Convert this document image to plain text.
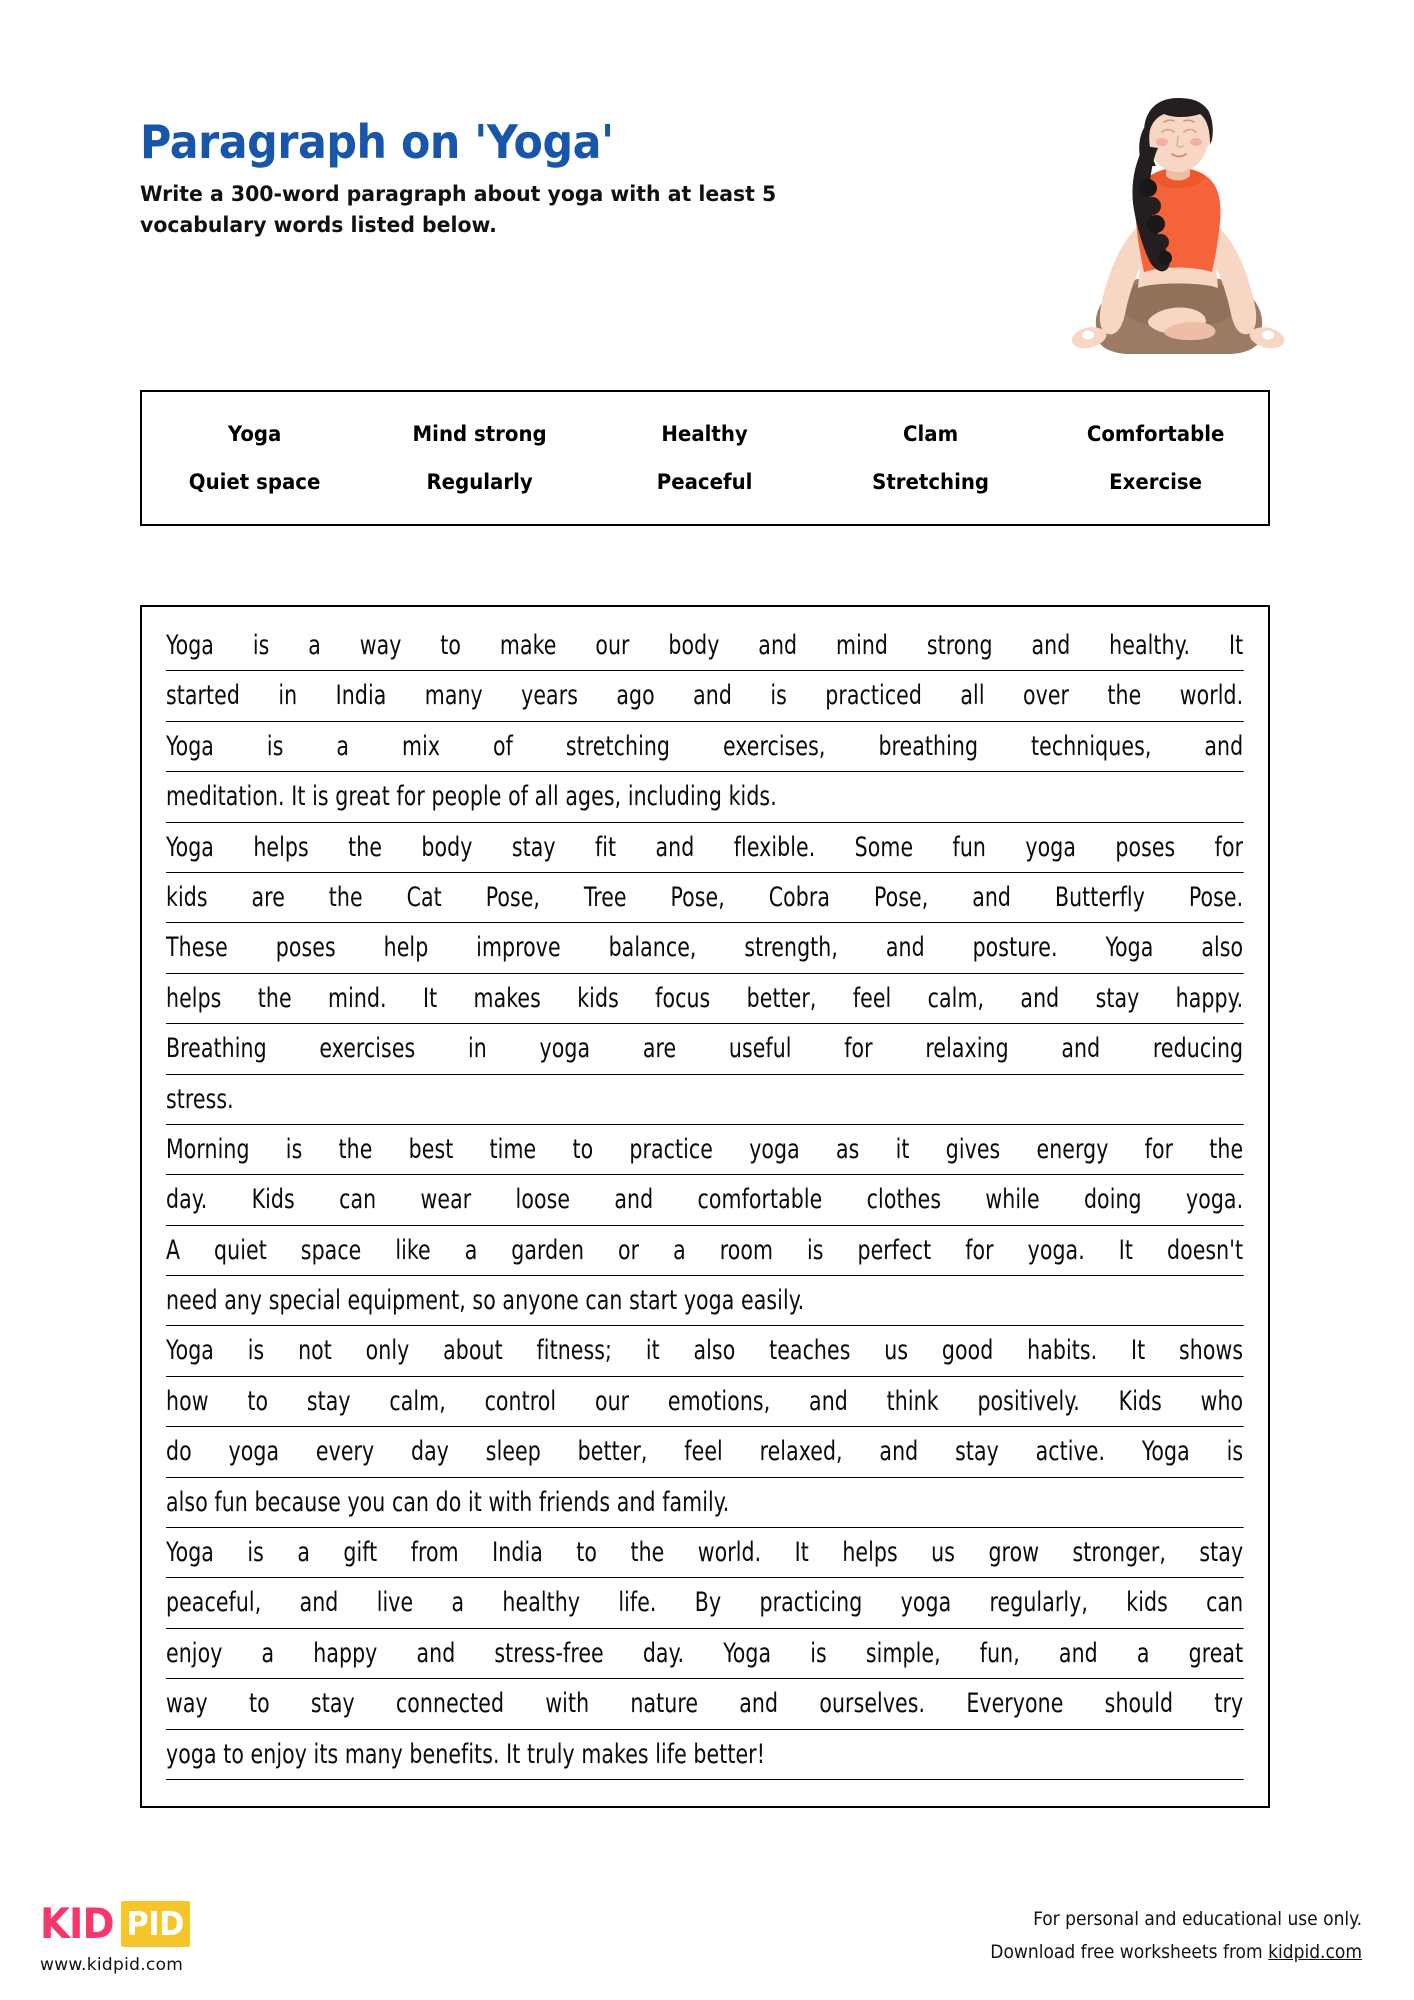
Paragraph on 'Yoga'
Write a 300-word paragraph about yoga with at least 5 vocabulary words listed below.
Yoga	Mind strong	Healthy	Clam	Comfortable
Quiet space	Regularly	Peaceful	Stretching	Exercise
Yoga is a way to make our body and mind strong and healthy. It
started in India many years ago and is practiced all over the world.
Yoga is a mix of stretching exercises, breathing techniques, and
meditation. It is great for people of all ages, including kids.
Yoga helps the body stay fit and flexible. Some fun yoga poses for
kids are the Cat Pose, Tree Pose, Cobra Pose, and Butterfly Pose.
These poses help improve balance, strength, and posture. Yoga also
helps the mind. It makes kids focus better, feel calm, and stay happy.
Breathing exercises in yoga are useful for relaxing and reducing
stress.
Morning is the best time to practice yoga as it gives energy for the
day. Kids can wear loose and comfortable clothes while doing yoga.
A quiet space like a garden or a room is perfect for yoga. It doesn't
need any special equipment, so anyone can start yoga easily.
Yoga is not only about fitness; it also teaches us good habits. It shows
how to stay calm, control our emotions, and think positively. Kids who
do yoga every day sleep better, feel relaxed, and stay active. Yoga is
also fun because you can do it with friends and family.
Yoga is a gift from India to the world. It helps us grow stronger, stay
peaceful, and live a healthy life. By practicing yoga regularly, kids can
enjoy a happy and stress-free day. Yoga is simple, fun, and a great
way to stay connected with nature and ourselves. Everyone should try
yoga to enjoy its many benefits. It truly makes life better!
KID PID
www.kidpid.com
For personal and educational use only.
Download free worksheets from kidpid.com
